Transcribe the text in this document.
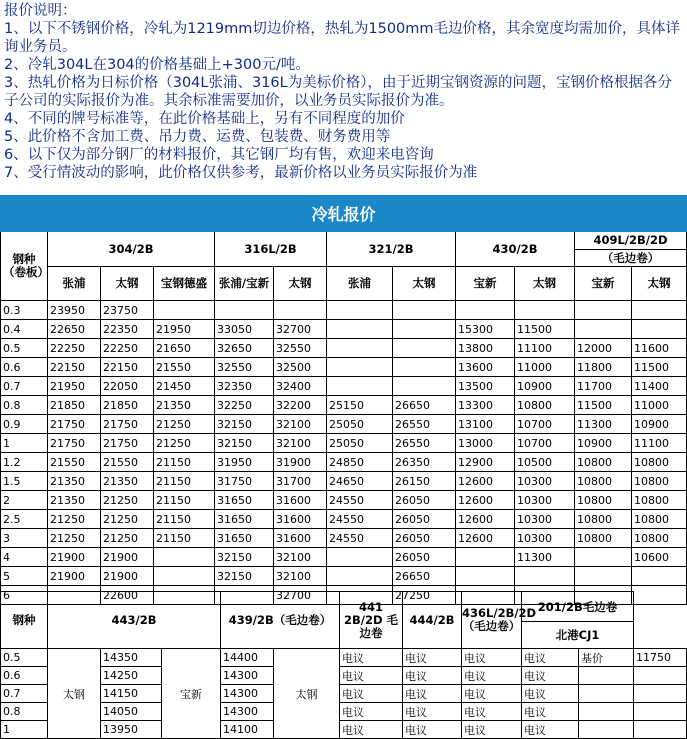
报价说明：
1、以下不锈钢价格，冷轧为1219mm切边价格，热轧为1500mm毛边价格，其余宽度均需加价，具体详询业务员。
2、冷轧304L在304的价格基础上+300元/吨。
3、热轧价格为日标价格（304L张浦、316L为美标价格），由于近期宝钢资源的问题，宝钢价格根据各分子公司的实际报价为准。其余标准需要加价，以业务员实际报价为准。
4、不同的牌号标准等，在此价格基础上，另有不同程度的加价
5、此价格不含加工费、吊力费、运费、包装费、财务费用等
6、以下仅为部分钢厂的材料报价，其它钢厂均有售，欢迎来电咨询
7、受行情波动的影响，此价格仅供参考，最新价格以业务员实际报价为准
冷轧报价											
钢种（卷板）	304/2B			316L/2B		321/2B		430/2B		409L/2B/2D
（毛边卷）	

	张浦	太钢	宝钢德盛	张浦/宝新	太钢	张浦	太钢	宝新	太钢	宝新	太钢
0.3	23950	23750									
0.4	22650	22350	21950	33050	32700			15300	11500		
0.5	22250	22250	21650	32650	32550			13800	11100	12000	11600
0.6	22150	22150	21550	32550	32500			13600	11000	11800	11500
0.7	21950	22050	21450	32350	32400			13500	10900	11700	11400
0.8	21850	21850	21350	32250	32200	25150	26650	13300	10800	11500	11000
0.9	21750	21750	21250	32150	32100	25050	26550	13100	10700	11300	10900
1	21750	21750	21250	32150	32100	25050	26550	13000	10700	10900	11100
1.2	21550	21550	21150	31950	31900	24850	26350	12900	10500	10800	10800
1.5	21350	21350	21150	31750	31700	24650	26150	12600	10300	10800	10800
2	21350	21250	21150	31650	31600	24550	26050	12600	10300	10800	10800
2.5	21250	21250	21150	31650	31600	24550	26050	12600	10300	10800	10800
3	21250	21250	21150	31650	31600	24550	26050	12600	10300	10800	10800
4	21900	21900		32150	32100		26050		11300		10600
5	21900	21900		32150	32100		26650				
6		22600			32700		27250				
钢种	443/2B			439/2B（毛边卷）		441 2B/2D 毛边卷	444/2B	436L/2B/2D
（毛边卷）	201/2B毛边卷		
									北港CJ1		
0.5	太钢	14350	宝新	14400	太钢	电议	电议	电议	电议	基价	11750
0.6		14250		14300		电议	电议	电议	电议		
0.7		14150		14300		电议	电议	电议	电议		
0.8		14050		14300		电议	电议	电议	电议		
1		13950		14100		电议	电议	电议	电议		
